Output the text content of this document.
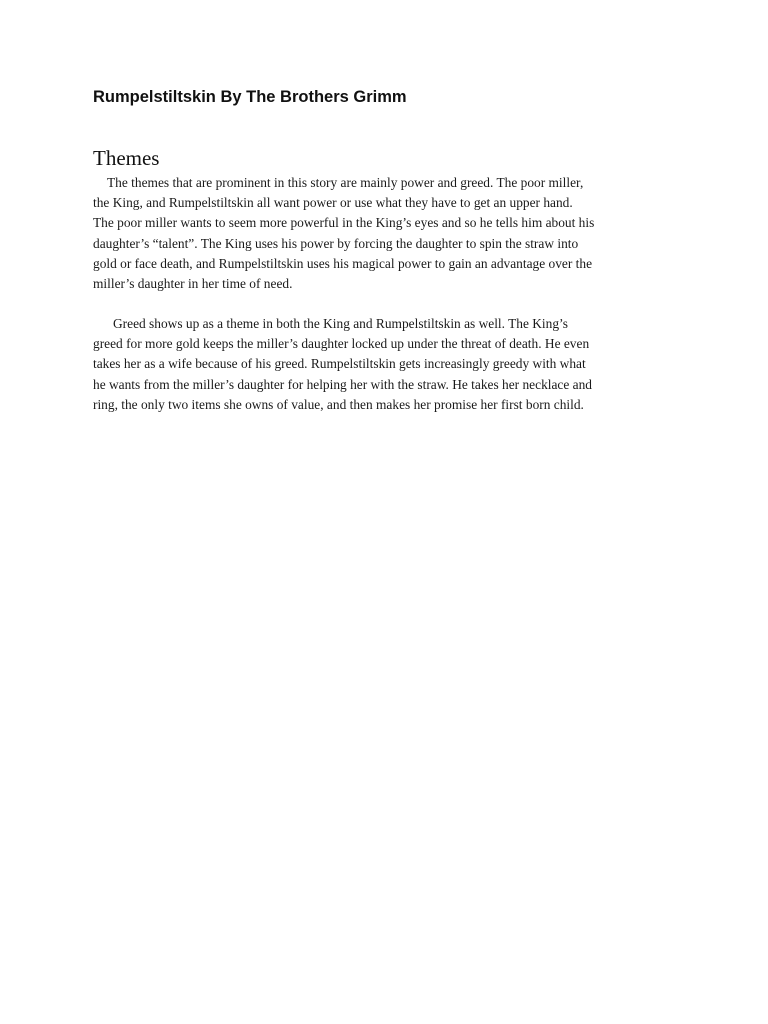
Rumpelstiltskin By The Brothers Grimm
Themes

The themes that are prominent in this story are mainly power and greed. The poor miller,
the King, and Rumpelstiltskin all want power or use what they have to get an upper hand.
The poor miller wants to seem more powerful in the King’s eyes and so he tells him about his
daughter’s “talent”. The King uses his power by forcing the daughter to spin the straw into
gold or face death, and Rumpelstiltskin uses his magical power to gain an advantage over the
miller’s daughter in her time of need.

Greed shows up as a theme in both the King and Rumpelstiltskin as well. The King’s
greed for more gold keeps the miller’s daughter locked up under the threat of death. He even
takes her as a wife because of his greed. Rumpelstiltskin gets increasingly greedy with what
he wants from the miller’s daughter for helping her with the straw. He takes her necklace and
ring, the only two items she owns of value, and then makes her promise her first born child.
